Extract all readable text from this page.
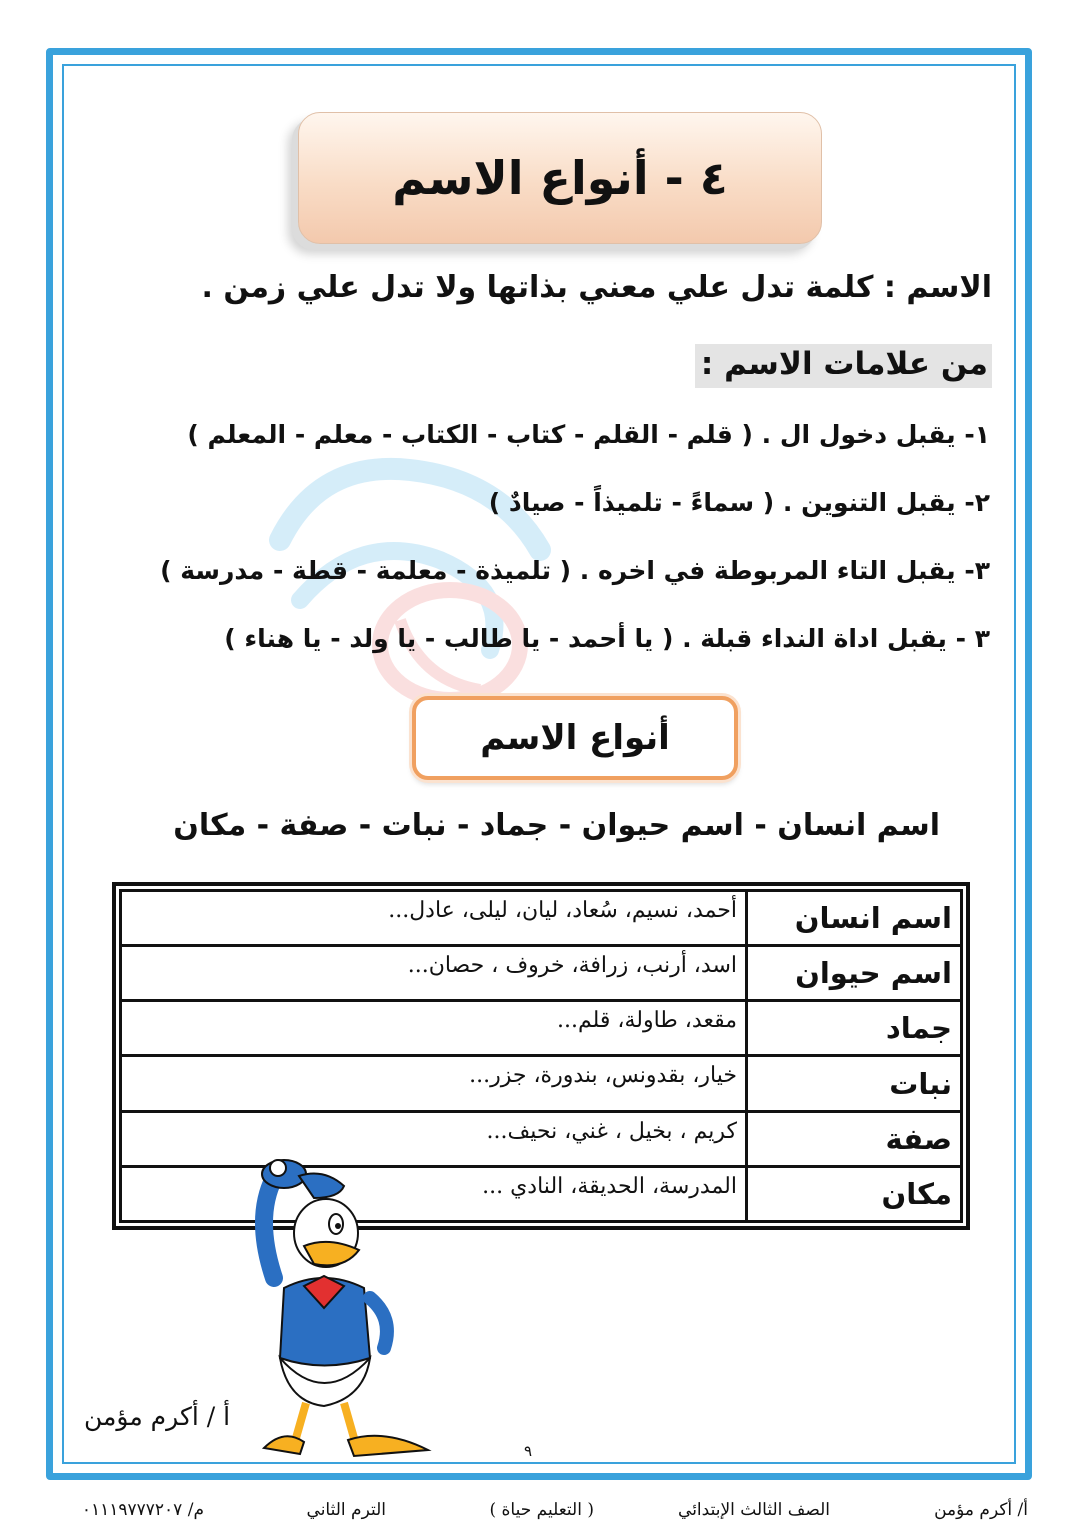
٤ - أنواع الاسم
الاسم : كلمة تدل علي معني بذاتها ولا تدل علي زمن .
من علامات الاسم :
١- يقبل دخول ال . ( قلم - القلم - كتاب - الكتاب - معلم - المعلم )
٢- يقبل التنوين . ( سماءً - تلميذاً - صيادٌ )
٣- يقبل التاء المربوطة في اخره . ( تلميذة - معلمة - قطة - مدرسة )
٣ - يقبل اداة النداء قبلة . ( يا أحمد - يا طالب - يا ولد - يا هناء )
أنواع الاسم
اسم انسان - اسم حيوان - جماد - نبات - صفة - مكان
اسم انسان	أحمد، نسيم، سُعاد، ليان، ليلى، عادل...
اسم حيوان	اسد، أرنب، زرافة، خروف ، حصان...
جماد	مقعد، طاولة، قلم...
نبات	خيار، بقدونس، بندورة، جزر...
صفة	كريم ، بخيل ، غني، نحيف...
مكان	المدرسة، الحديقة، النادي ...
أ / أكرم مؤمن
٩
أ/ أكرم مؤمن
الصف الثالث الإبتدائي
( التعليم حياة )
الترم الثاني
م/ ٠١١١٩٧٧٧٢٠٧
